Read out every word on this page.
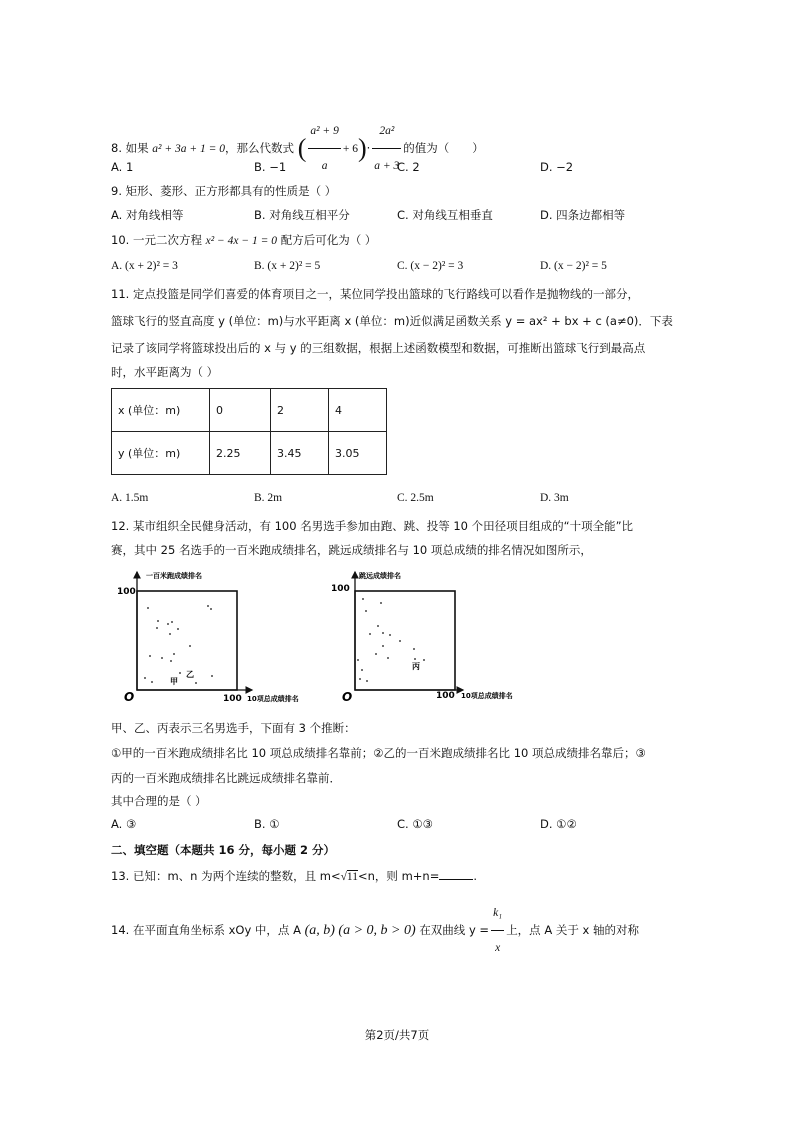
8. 如果 a² + 3a + 1 = 0，那么代数式 ( $\frac{\text{a² + 9}}{a} + 6)\cdot \frac{\text{2a²}}{a + 3}$ 的值为（　　）
A. 1	B. −1	C. 2	D. −2
9. 矩形、菱形、正方形都具有的性质是（ ）
A. 对角线相等	B. 对角线互相平分	C. 对角线互相垂直	D. 四条边都相等
10. 一元二次方程 x² − 4x − 1 = 0 配方后可化为（ ）
A. (x + 2)² = 3	B. (x + 2)² = 5	C. (x − 2)² = 3	D. (x − 2)² = 5
11. 定点投篮是同学们喜爱的体育项目之一，某位同学投出篮球的飞行路线可以看作是抛物线的一部分，
篮球飞行的竖直高度 y (单位：m)与水平距离 x (单位：m)近似满足函数关系 y = ax² + bx + c (a≠0)．下表
记录了该同学将篮球投出后的 x 与 y 的三组数据，根据上述函数模型和数据，可推断出篮球飞行到最高点
时，水平距离为（ ）
x (单位：m)	0	2	4
y (单位：m)	2.25	3.45	3.05
A. 1.5m	B. 2m	C. 2.5m	D. 3m
12. 某市组织全民健身活动，有 100 名男选手参加由跑、跳、投等 10 个田径项目组成的“十项全能”比
赛，其中 25 名选手的一百米跑成绩排名，跳远成绩排名与 10 项总成绩的排名情况如图所示，
一百米跑成绩排名
100
O	100 10项总成绩排名
乙
甲
跳远成绩排名
100
O	100 10项总成绩排名
丙
甲、乙、丙表示三名男选手，下面有 3 个推断：
①甲的一百米跑成绩排名比 10 项总成绩排名靠前；②乙的一百米跑成绩排名比 10 项总成绩排名靠后；③
丙的一百米跑成绩排名比跳远成绩排名靠前．
其中合理的是（ ）
A. ③	B. ①	C. ①③	D. ①②
二、填空题（本题共 16 分，每小题 2 分）
13. 已知：m、n 为两个连续的整数，且 m<√11<n，则 m+n=	.
14. 在平面直角坐标系 xOy 中，点 A (a, b) (a > 0, b > 0) 在双曲线 $y = \frac{\text{k₁}}{x}$ 上，点 A 关于 x 轴的对称
第2页/共7页
